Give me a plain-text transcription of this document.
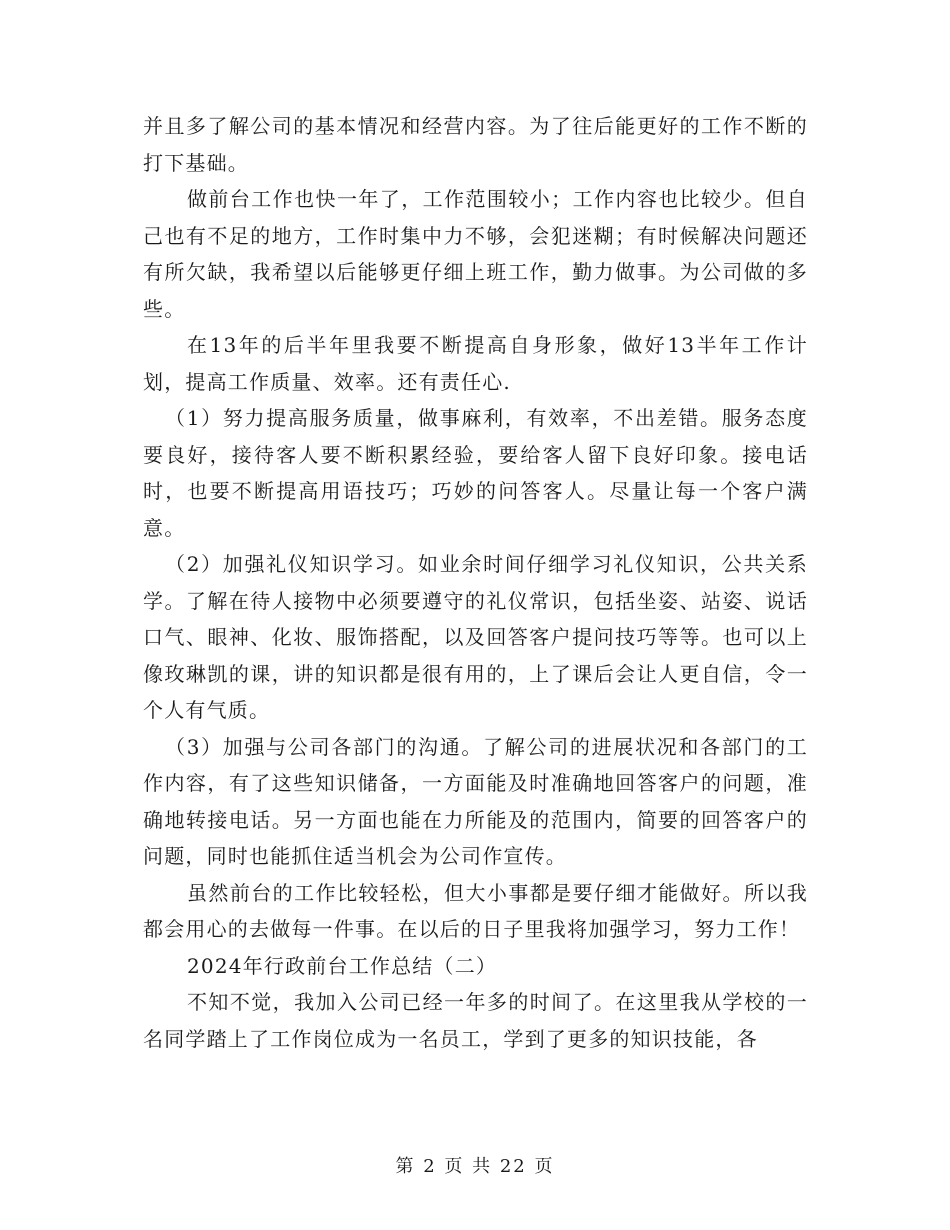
并且多了解公司的基本情况和经营内容。为了往后能更好的工作不断的打下基础。

做前台工作也快一年了，工作范围较小；工作内容也比较少。但自己也有不足的地方，工作时集中力不够，会犯迷糊；有时候解决问题还有所欠缺，我希望以后能够更仔细上班工作，勤力做事。为公司做的多些。

在13年的后半年里我要不断提高自身形象，做好13半年工作计划，提高工作质量、效率。还有责任心.

（1）努力提高服务质量，做事麻利，有效率，不出差错。服务态度要良好，接待客人要不断积累经验，要给客人留下良好印象。接电话时，也要不断提高用语技巧；巧妙的问答客人。尽量让每一个客户满意。

（2）加强礼仪知识学习。如业余时间仔细学习礼仪知识，公共关系学。了解在待人接物中必须要遵守的礼仪常识，包括坐姿、站姿、说话口气、眼神、化妆、服饰搭配，以及回答客户提问技巧等等。也可以上像玫琳凯的课，讲的知识都是很有用的，上了课后会让人更自信，令一个人有气质。

（3）加强与公司各部门的沟通。了解公司的进展状况和各部门的工作内容，有了这些知识储备，一方面能及时准确地回答客户的问题，准确地转接电话。另一方面也能在力所能及的范围内，简要的回答客户的问题，同时也能抓住适当机会为公司作宣传。

虽然前台的工作比较轻松，但大小事都是要仔细才能做好。所以我都会用心的去做每一件事。在以后的日子里我将加强学习，努力工作！

2024年行政前台工作总结（二）

不知不觉，我加入公司已经一年多的时间了。在这里我从学校的一名同学踏上了工作岗位成为一名员工，学到了更多的知识技能，各

第 2 页 共 22 页
